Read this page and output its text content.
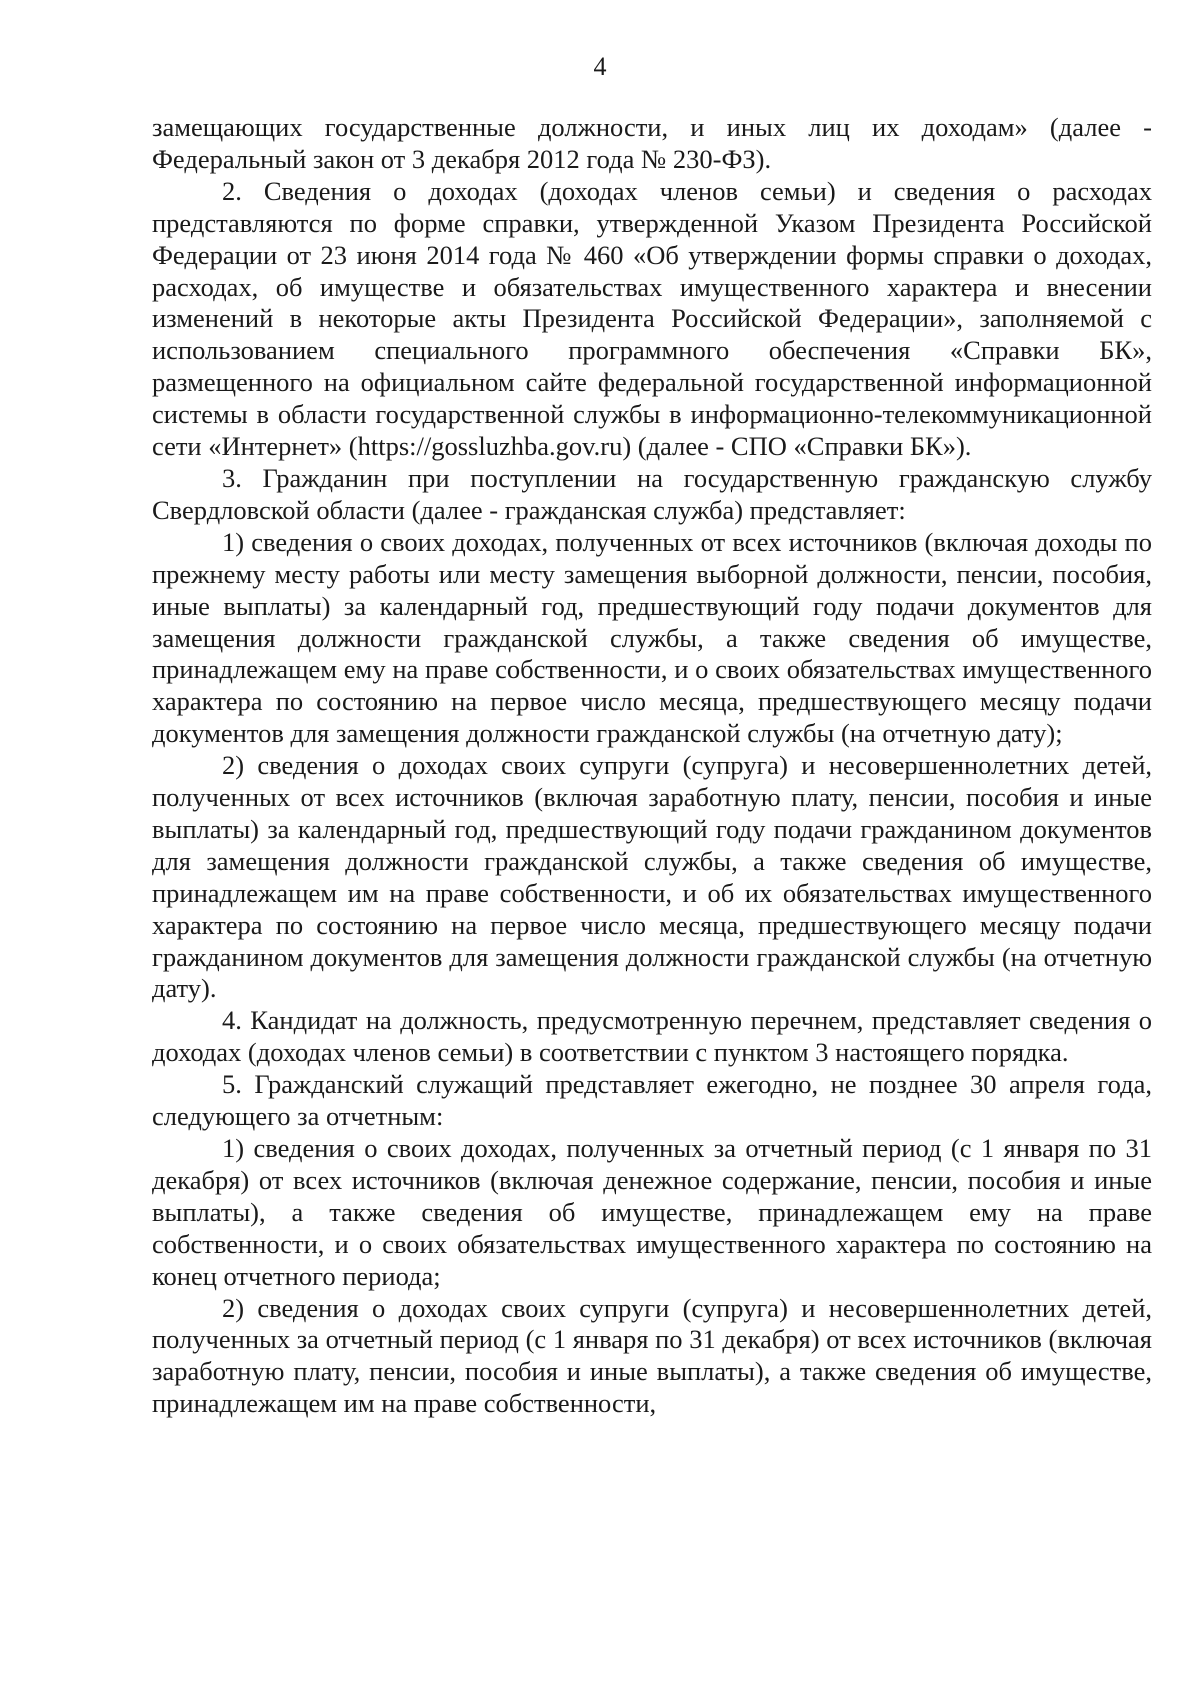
4

замещающих государственные должности, и иных лиц их доходам» (далее - Федеральный закон от 3 декабря 2012 года № 230-ФЗ).

2. Сведения о доходах (доходах членов семьи) и сведения о расходах представляются по форме справки, утвержденной Указом Президента Российской Федерации от 23 июня 2014 года № 460 «Об утверждении формы справки о доходах, расходах, об имуществе и обязательствах имущественного характера и внесении изменений в некоторые акты Президента Российской Федерации», заполняемой с использованием специального программного обеспечения «Справки БК», размещенного на официальном сайте федеральной государственной информационной системы в области государственной службы в информационно-телекоммуникационной сети «Интернет» (https://gossluzhba.gov.ru) (далее - СПО «Справки БК»).

3. Гражданин при поступлении на государственную гражданскую службу Свердловской области (далее - гражданская служба) представляет:

1) сведения о своих доходах, полученных от всех источников (включая доходы по прежнему месту работы или месту замещения выборной должности, пенсии, пособия, иные выплаты) за календарный год, предшествующий году подачи документов для замещения должности гражданской службы, а также сведения об имуществе, принадлежащем ему на праве собственности, и о своих обязательствах имущественного характера по состоянию на первое число месяца, предшествующего месяцу подачи документов для замещения должности гражданской службы (на отчетную дату);

2) сведения о доходах своих супруги (супруга) и несовершеннолетних детей, полученных от всех источников (включая заработную плату, пенсии, пособия и иные выплаты) за календарный год, предшествующий году подачи гражданином документов для замещения должности гражданской службы, а также сведения об имуществе, принадлежащем им на праве собственности, и об их обязательствах имущественного характера по состоянию на первое число месяца, предшествующего месяцу подачи гражданином документов для замещения должности гражданской службы (на отчетную дату).

4. Кандидат на должность, предусмотренную перечнем, представляет сведения о доходах (доходах членов семьи) в соответствии с пунктом 3 настоящего порядка.

5. Гражданский служащий представляет ежегодно, не позднее 30 апреля года, следующего за отчетным:

1) сведения о своих доходах, полученных за отчетный период (с 1 января по 31 декабря) от всех источников (включая денежное содержание, пенсии, пособия и иные выплаты), а также сведения об имуществе, принадлежащем ему на праве собственности, и о своих обязательствах имущественного характера по состоянию на конец отчетного периода;

2) сведения о доходах своих супруги (супруга) и несовершеннолетних детей, полученных за отчетный период (с 1 января по 31 декабря) от всех источников (включая заработную плату, пенсии, пособия и иные выплаты), а также сведения об имуществе, принадлежащем им на праве собственности,
